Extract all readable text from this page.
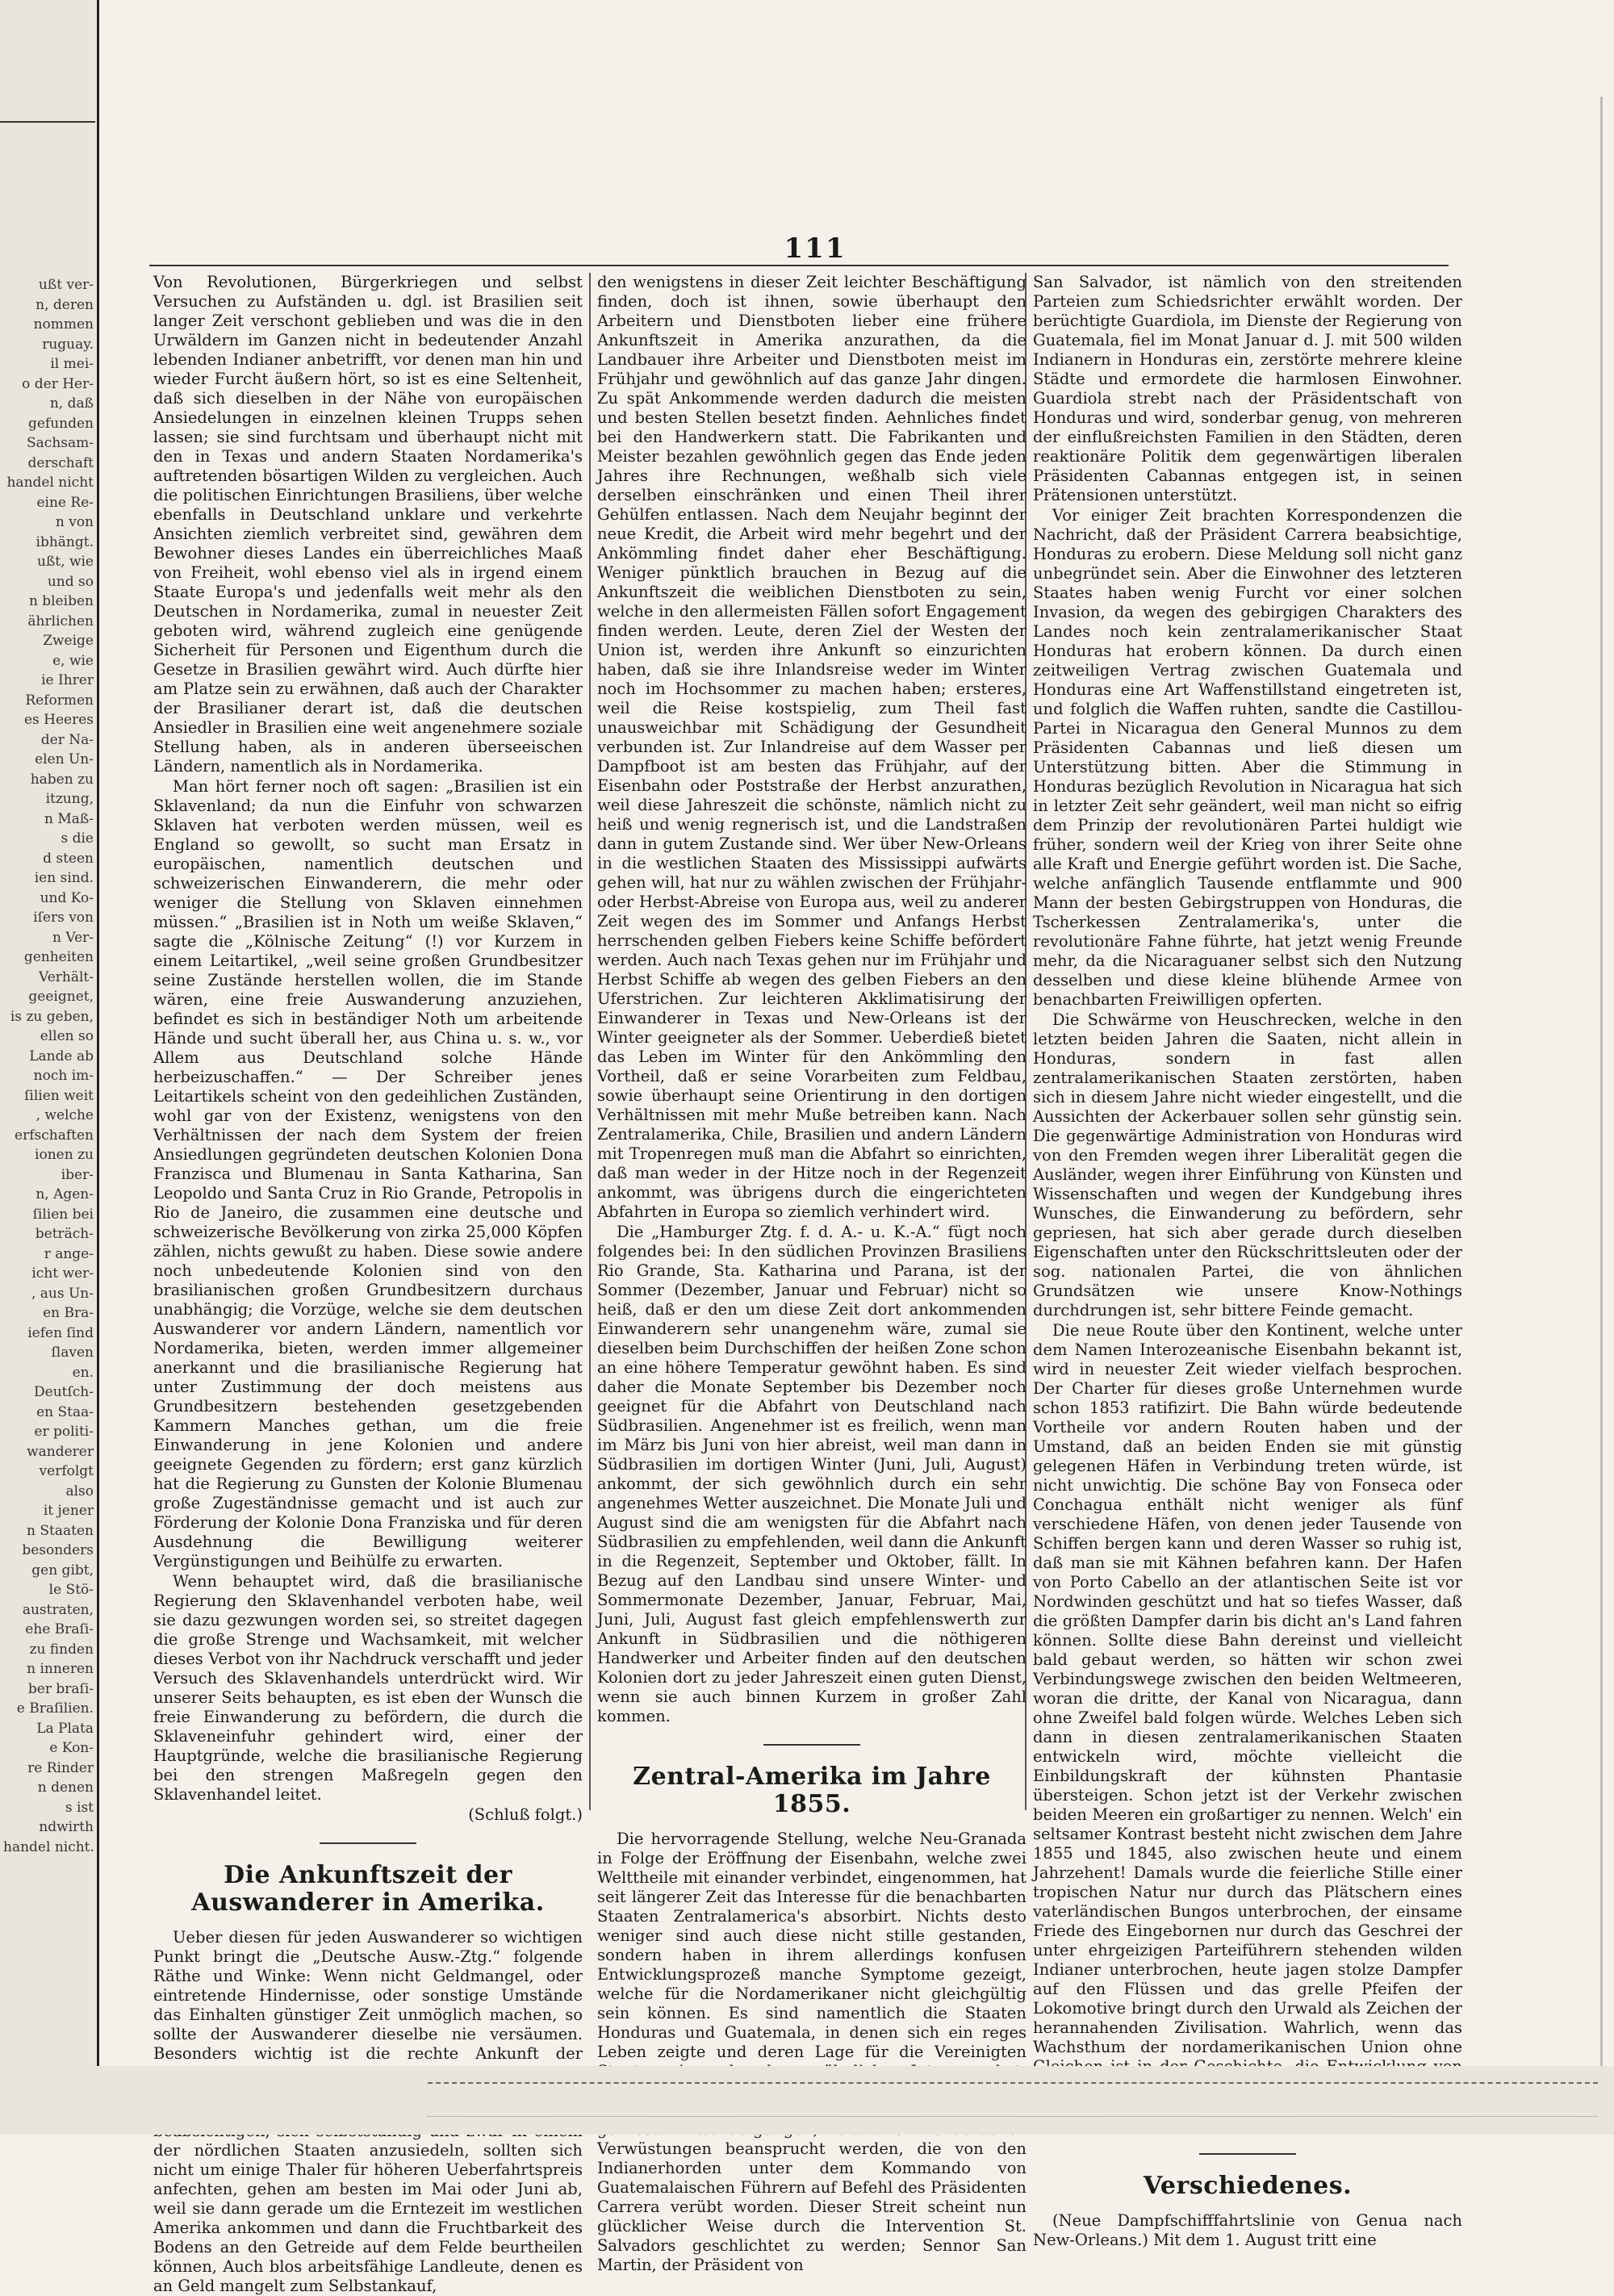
ußt ver-
n, deren
nommen
ruguay.
il mei-
o der Her-
n, daß
gefunden
Sachsam-
derschaft
handel nicht
eine Re-
n von
ibhängt.
ußt, wie
und so
n bleiben
ährlichen
Zweige
e, wie
ie Ihrer
Reformen
es Heeres
der Na-
elen Un-
haben zu
itzung,
n Maß-
s die
d steen
ien sind.
und Ko-
iſers von
n Ver-
genheiten
Verhält-
geeignet,
is zu geben,
ellen so
Lande ab
noch im-
ſilien weit
, welche
erfschaften
ionen zu
iber-
n, Agen-
ſilien bei
beträch-
r ange-
icht wer-
, aus Un-
en Bra-
iefen ſind
ſlaven
en.
Deutſch-
en Staa-
er politi-
wanderer
verfolgt
also
it jener
n Staaten
besonders
gen gibt,
le Stö-
austraten,
ehe Braſi-
zu finden
n inneren
ber braſi-
e Braſilien.
La Plata
e Kon-
re Rinder
n denen
s ist
ndwirth
handel nicht.
111

Von Revolutionen, Bürgerkriegen und selbst Versuchen zu Aufständen u. dgl. ist Brasilien seit langer Zeit verschont geblieben und was die in den Urwäldern im Ganzen nicht in bedeutender Anzahl lebenden Indianer anbetrifft, vor denen man hin und wieder Furcht äußern hört, so ist es eine Seltenheit, daß sich dieselben in der Nähe von europäischen Ansiedelungen in einzelnen kleinen Trupps sehen lassen; sie sind furchtsam und überhaupt nicht mit den in Texas und andern Staaten Nordamerika's auftretenden bösartigen Wilden zu vergleichen. Auch die politischen Einrichtungen Brasiliens, über welche ebenfalls in Deutschland unklare und verkehrte Ansichten ziemlich verbreitet sind, gewähren dem Bewohner dieses Landes ein überreichliches Maaß von Freiheit, wohl ebenso viel als in irgend einem Staate Europa's und jedenfalls weit mehr als den Deutschen in Nordamerika, zumal in neuester Zeit geboten wird, während zugleich eine genügende Sicherheit für Personen und Eigenthum durch die Gesetze in Brasilien gewährt wird. Auch dürfte hier am Platze sein zu erwähnen, daß auch der Charakter der Brasilianer derart ist, daß die deutschen Ansiedler in Brasilien eine weit angenehmere soziale Stellung haben, als in anderen überseeischen Ländern, namentlich als in Nordamerika.

Man hört ferner noch oft sagen: „Brasilien ist ein Sklavenland; da nun die Einfuhr von schwarzen Sklaven hat verboten werden müssen, weil es England so gewollt, so sucht man Ersatz in europäischen, namentlich deutschen und schweizerischen Einwanderern, die mehr oder weniger die Stellung von Sklaven einnehmen müssen.“ „Brasilien ist in Noth um weiße Sklaven,“ sagte die „Kölnische Zeitung“ (!) vor Kurzem in einem Leitartikel, „weil seine großen Grundbesitzer seine Zustände herstellen wollen, die im Stande wären, eine freie Auswanderung anzuziehen, befindet es sich in beständiger Noth um arbeitende Hände und sucht überall her, aus China u. s. w., vor Allem aus Deutschland solche Hände herbeizuschaffen.“ — Der Schreiber jenes Leitartikels scheint von den gedeihlichen Zuständen, wohl gar von der Existenz, wenigstens von den Verhältnissen der nach dem System der freien Ansiedlungen gegründeten deutschen Kolonien Dona Franzisca und Blumenau in Santa Katharina, San Leopoldo und Santa Cruz in Rio Grande, Petropolis in Rio de Janeiro, die zusammen eine deutsche und schweizerische Bevölkerung von zirka 25,000 Köpfen zählen, nichts gewußt zu haben. Diese sowie andere noch unbedeutende Kolonien sind von den brasilianischen großen Grundbesitzern durchaus unabhängig; die Vorzüge, welche sie dem deutschen Auswanderer vor andern Ländern, namentlich vor Nordamerika, bieten, werden immer allgemeiner anerkannt und die brasilianische Regierung hat unter Zustimmung der doch meistens aus Grundbesitzern bestehenden gesetzgebenden Kammern Manches gethan, um die freie Einwanderung in jene Kolonien und andere geeignete Gegenden zu fördern; erst ganz kürzlich hat die Regierung zu Gunsten der Kolonie Blumenau große Zugeständnisse gemacht und ist auch zur Förderung der Kolonie Dona Franziska und für deren Ausdehnung die Bewilligung weiterer Vergünstigungen und Beihülfe zu erwarten.

Wenn behauptet wird, daß die brasilianische Regierung den Sklavenhandel verboten habe, weil sie dazu gezwungen worden sei, so streitet dagegen die große Strenge und Wachsamkeit, mit welcher dieses Verbot von ihr Nachdruck verschafft und jeder Versuch des Sklavenhandels unterdrückt wird. Wir unserer Seits behaupten, es ist eben der Wunsch die freie Einwanderung zu befördern, die durch die Sklaveneinfuhr gehindert wird, einer der Hauptgründe, welche die brasilianische Regierung bei den strengen Maßregeln gegen den Sklavenhandel leitet.

(Schluß folgt.)

Die Ankunftszeit der Auswanderer in Amerika.

Ueber diesen für jeden Auswanderer so wichtigen Punkt bringt die „Deutsche Ausw.-Ztg.“ folgende Räthe und Winke: Wenn nicht Geldmangel, oder eintretende Hindernisse, oder sonstige Umstände das Einhalten günstiger Zeit unmöglich machen, so sollte der Auswanderer dieselbe nie versäumen. Besonders wichtig ist die rechte Ankunft der der nördlichen Staaten anzusiedeln, sollten sich nicht um einige Thaler für höheren Ueberfahrtspreis anfechten, gehen am besten im Mai oder Juni ab, weil sie dann gerade um die Erntezeit im westlichen Amerika ankommen und dann die Fruchtbarkeit des Bodens an den Getreide auf dem Felde beurtheilen können, Auch blos arbeitsfähige Landleute, denen es an Geld mangelt zum Selbstankauf,

den wenigstens in dieser Zeit leichter Beschäftigung finden, doch ist ihnen, sowie überhaupt den Arbeitern und Dienstboten lieber eine frühere Ankunftszeit in Amerika anzurathen, da die Landbauer ihre Arbeiter und Dienstboten meist im Frühjahr und gewöhnlich auf das ganze Jahr dingen. Zu spät Ankommende werden dadurch die meisten und besten Stellen besetzt finden. Aehnliches findet bei den Handwerkern statt. Die Fabrikanten und Meister bezahlen gewöhnlich gegen das Ende jeden Jahres ihre Rechnungen, weßhalb sich viele derselben einschränken und einen Theil ihrer Gehülfen entlassen. Nach dem Neujahr beginnt der neue Kredit, die Arbeit wird mehr begehrt und der Ankömmling findet daher eher Beschäftigung. Weniger pünktlich brauchen in Bezug auf die Ankunftszeit die weiblichen Dienstboten zu sein, welche in den allermeisten Fällen sofort Engagement finden werden. Leute, deren Ziel der Westen der Union ist, werden ihre Ankunft so einzurichten haben, daß sie ihre Inlandsreise weder im Winter noch im Hochsommer zu machen haben; ersteres, weil die Reise kostspielig, zum Theil fast unausweichbar mit Schädigung der Gesundheit verbunden ist. Zur Inlandreise auf dem Wasser per Dampfboot ist am besten das Frühjahr, auf der Eisenbahn oder Poststraße der Herbst anzurathen, weil diese Jahreszeit die schönste, nämlich nicht zu heiß und wenig regnerisch ist, und die Landstraßen dann in gutem Zustande sind. Wer über New-Orleans in die westlichen Staaten des Mississippi aufwärts gehen will, hat nur zu wählen zwischen der Frühjahr- oder Herbst-Abreise von Europa aus, weil zu anderer Zeit wegen des im Sommer und Anfangs Herbst herrschenden gelben Fiebers keine Schiffe befördert werden. Auch nach Texas gehen nur im Frühjahr und Herbst Schiffe ab wegen des gelben Fiebers an den Uferstrichen. Zur leichteren Akklimatisirung der Einwanderer in Texas und New-Orleans ist der Winter geeigneter als der Sommer. Ueberdieß bietet das Leben im Winter für den Ankömmling den Vortheil, daß er seine Vorarbeiten zum Feldbau, sowie überhaupt seine Orientirung in den dortigen Verhältnissen mit mehr Muße betreiben kann. Nach Zentralamerika, Chile, Brasilien und andern Ländern mit Tropenregen muß man die Abfahrt so einrichten, daß man weder in der Hitze noch in der Regenzeit ankommt, was übrigens durch die eingerichteten Abfahrten in Europa so ziemlich verhindert wird.

Die „Hamburger Ztg. f. d. A.- u. K.-A.“ fügt noch folgendes bei: In den südlichen Provinzen Brasiliens Rio Grande, Sta. Katharina und Parana, ist der Sommer (Dezember, Januar und Februar) nicht so heiß, daß er den um diese Zeit dort ankommenden Einwanderern sehr unangenehm wäre, zumal sie dieselben beim Durchschiffen der heißen Zone schon an eine höhere Temperatur gewöhnt haben. Es sind daher die Monate September bis Dezember noch geeignet für die Abfahrt von Deutschland nach Südbrasilien. Angenehmer ist es freilich, wenn man im März bis Juni von hier abreist, weil man dann in Südbrasilien im dortigen Winter (Juni, Juli, August) ankommt, der sich gewöhnlich durch ein sehr angenehmes Wetter auszeichnet. Die Monate Juli und August sind die am wenigsten für die Abfahrt nach Südbrasilien zu empfehlenden, weil dann die Ankunft in die Regenzeit, September und Oktober, fällt. In Bezug auf den Landbau sind unsere Winter- und Sommermonate Dezember, Januar, Februar, Mai, Juni, Juli, August fast gleich empfehlenswerth zur Ankunft in Südbrasilien und die nöthigeren Handwerker und Arbeiter finden auf den deutschen Kolonien dort zu jeder Jahreszeit einen guten Dienst, wenn sie auch binnen Kurzem in großer Zahl kommen.

Zentral-Amerika im Jahre 1855.

Die hervorragende Stellung, welche Neu-Granada in Folge der Eröffnung der Eisenbahn, welche zwei Welttheile mit einander verbindet, eingenommen, hat seit längerer Zeit das Interesse für die benachbarten Staaten Zentralamerica's absorbirt. Nichts desto weniger sind auch diese nicht stille gestanden, sondern haben in ihrem allerdings konfusen Entwicklungsprozeß manche Symptome gezeigt, welche für die Nordamerikaner nicht gleichgültig sein können. Es sind namentlich die Staaten Honduras und Guatemala, in denen sich ein reges Leben zeigte und deren Lage für die Vereinigten Verwüstungen beansprucht werden, die von den Indianerhorden unter dem Kommando von Guatemalaischen Führern auf Befehl des Präsidenten Carrera verübt worden. Dieser Streit scheint nun glücklicher Weise durch die Intervention St. Salvadors geschlichtet zu werden; Sennor San Martin, der Präsident von

San Salvador, ist nämlich von den streitenden Parteien zum Schiedsrichter erwählt worden. Der berüchtigte Guardiola, im Dienste der Regierung von Guatemala, fiel im Monat Januar d. J. mit 500 wilden Indianern in Honduras ein, zerstörte mehrere kleine Städte und ermordete die harmlosen Einwohner. Guardiola strebt nach der Präsidentschaft von Honduras und wird, sonderbar genug, von mehreren der einflußreichsten Familien in den Städten, deren reaktionäre Politik dem gegenwärtigen liberalen Präsidenten Cabannas entgegen ist, in seinen Prätensionen unterstützt.

Vor einiger Zeit brachten Korrespondenzen die Nachricht, daß der Präsident Carrera beabsichtige, Honduras zu erobern. Diese Meldung soll nicht ganz unbegründet sein. Aber die Einwohner des letzteren Staates haben wenig Furcht vor einer solchen Invasion, da wegen des gebirgigen Charakters des Landes noch kein zentralamerikanischer Staat Honduras hat erobern können. Da durch einen zeitweiligen Vertrag zwischen Guatemala und Honduras eine Art Waffenstillstand eingetreten ist, und folglich die Waffen ruhten, sandte die Castillou-Partei in Nicaragua den General Munnos zu dem Präsidenten Cabannas und ließ diesen um Unterstützung bitten. Aber die Stimmung in Honduras bezüglich Revolution in Nicaragua hat sich in letzter Zeit sehr geändert, weil man nicht so eifrig dem Prinzip der revolutionären Partei huldigt wie früher, sondern weil der Krieg von ihrer Seite ohne alle Kraft und Energie geführt worden ist. Die Sache, welche anfänglich Tausende entflammte und 900 Mann der besten Gebirgstruppen von Honduras, die Tscherkessen Zentralamerika's, unter die revolutionäre Fahne führte, hat jetzt wenig Freunde mehr, da die Nicaraguaner selbst sich den Nutzung desselben und diese kleine blühende Armee von benachbarten Freiwilligen opferten.

Die Schwärme von Heuschrecken, welche in den letzten beiden Jahren die Saaten, nicht allein in Honduras, sondern in fast allen zentralamerikanischen Staaten zerstörten, haben sich in diesem Jahre nicht wieder eingestellt, und die Aussichten der Ackerbauer sollen sehr günstig sein. Die gegenwärtige Administration von Honduras wird von den Fremden wegen ihrer Liberalität gegen die Ausländer, wegen ihrer Einführung von Künsten und Wissenschaften und wegen der Kundgebung ihres Wunsches, die Einwanderung zu befördern, sehr gepriesen, hat sich aber gerade durch dieselben Eigenschaften unter den Rückschrittsleuten oder der sog. nationalen Partei, die von ähnlichen Grundsätzen wie unsere Know-Nothings durchdrungen ist, sehr bittere Feinde gemacht.

Die neue Route über den Kontinent, welche unter dem Namen Interozeanische Eisenbahn bekannt ist, wird in neuester Zeit wieder vielfach besprochen. Der Charter für dieses große Unternehmen wurde schon 1853 ratifizirt. Die Bahn würde bedeutende Vortheile vor andern Routen haben und der Umstand, daß an beiden Enden sie mit günstig gelegenen Häfen in Verbindung treten würde, ist nicht unwichtig. Die schöne Bay von Fonseca oder Conchagua enthält nicht weniger als fünf verschiedene Häfen, von denen jeder Tausende von Schiffen bergen kann und deren Wasser so ruhig ist, daß man sie mit Kähnen befahren kann. Der Hafen von Porto Cabello an der atlantischen Seite ist vor Nordwinden geschützt und hat so tiefes Wasser, daß die größten Dampfer darin bis dicht an's Land fahren können. Sollte diese Bahn dereinst und vielleicht bald gebaut werden, so hätten wir schon zwei Verbindungswege zwischen den beiden Weltmeeren, woran die dritte, der Kanal von Nicaragua, dann ohne Zweifel bald folgen würde. Welches Leben sich dann in diesen zentralamerikanischen Staaten entwickeln wird, möchte vielleicht die Einbildungskraft der kühnsten Phantasie übersteigen. Schon jetzt ist der Verkehr zwischen beiden Meeren ein großartiger zu nennen. Welch' ein seltsamer Kontrast besteht nicht zwischen dem Jahre 1855 und 1845, also zwischen heute und einem Jahrzehent! Damals wurde die feierliche Stille einer tropischen Natur nur durch das Plätschern eines vaterländischen Bungos unterbrochen, der einsame Friede des Eingebornen nur durch das Geschrei der unter ehrgeizigen Parteiführern stehenden wilden Indianer unterbrochen, heute jagen stolze Dampfer auf den Flüssen und das grelle Pfeifen der Lokomotive bringt durch den Urwald als Zeichen der herannahenden Zivilisation. Wahrlich, wenn das Wachsthum der nordamerikanischen Union ohne

Verschiedenes.

(Neue Dampfschifffahrtslinie von Genua nach New-Orleans.) Mit dem 1. August tritt eine
